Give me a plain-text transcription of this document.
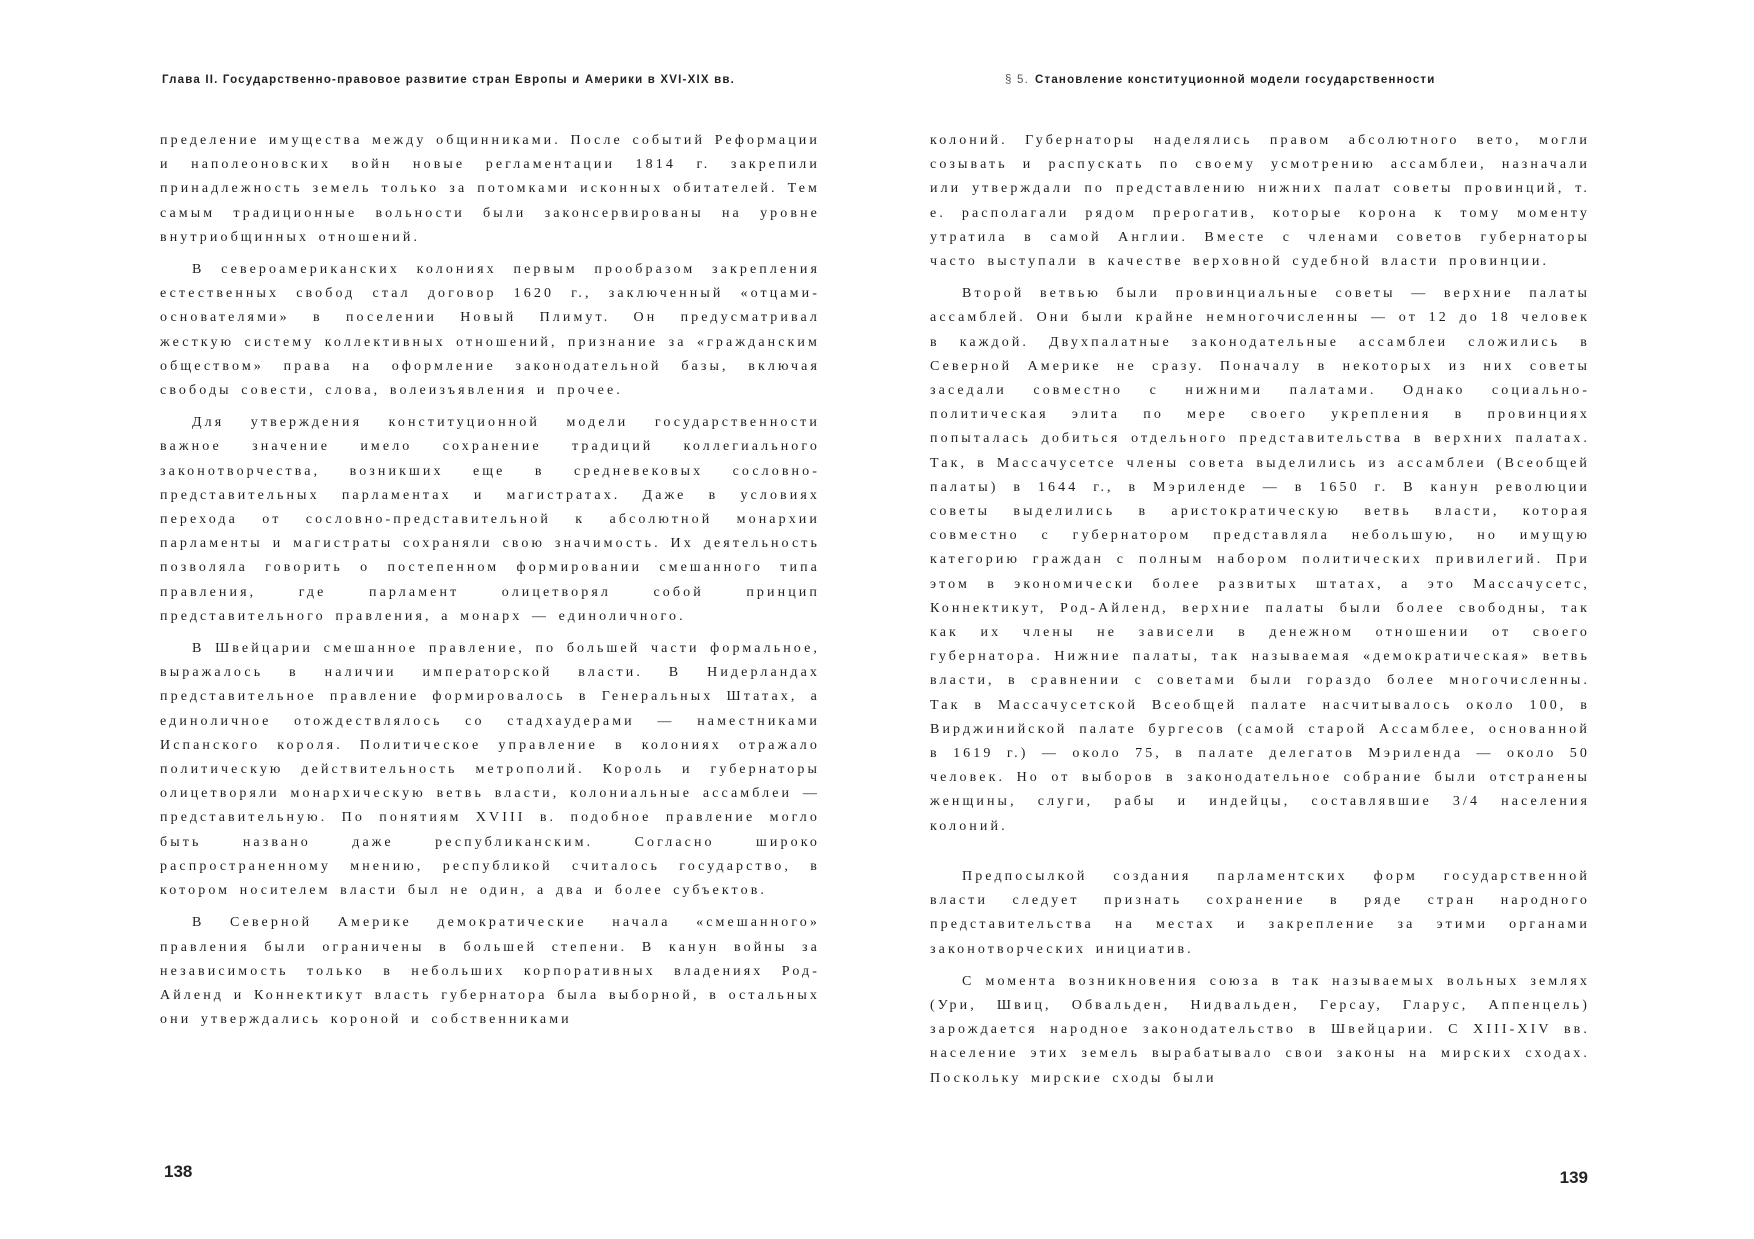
Глава II. Государственно-правовое развитие стран Европы и Америки в XVI-XIX вв.

пределение имущества между общинниками. После событий Реформации и наполеоновских войн новые регламентации 1814 г. закрепили принадлежность земель только за потомками исконных обитателей. Тем самым традиционные вольности были законсервированы на уровне внутриобщинных отношений.

В североамериканских колониях первым прообразом закрепления естественных свобод стал договор 1620 г., заключенный «отцами-основателями» в поселении Новый Плимут. Он предусматривал жесткую систему коллективных отношений, признание за «гражданским обществом» права на оформление законодательной базы, включая свободы совести, слова, волеизъявления и прочее.

Для утверждения конституционной модели государственности важное значение имело сохранение традиций коллегиального законотворчества, возникших еще в средневековых сословно-представительных парламентах и магистратах. Даже в условиях перехода от сословно-представительной к абсолютной монархии парламенты и магистраты сохраняли свою значимость. Их деятельность позволяла говорить о постепенном формировании смешанного типа правления, где парламент олицетворял собой принцип представительного правления, а монарх — единоличного.

В Швейцарии смешанное правление, по большей части формальное, выражалось в наличии императорской власти. В Нидерландах представительное правление формировалось в Генеральных Штатах, а единоличное отождествлялось со стадхаудерами — наместниками Испанского короля. Политическое управление в колониях отражало политическую действительность метрополий. Король и губернаторы олицетворяли монархическую ветвь власти, колониальные ассамблеи — представительную. По понятиям XVIII в. подобное правление могло быть названо даже республиканским. Согласно широко распространенному мнению, республикой считалось государство, в котором носителем власти был не один, а два и более субъектов.

В Северной Америке демократические начала «смешанного» правления были ограничены в большей степени. В канун войны за независимость только в небольших корпоративных владениях Род-Айленд и Коннектикут власть губернатора была выборной, в остальных они утверждались короной и собственниками

138
§ 5. Становление конституционной модели государственности

колоний. Губернаторы наделялись правом абсолютного вето, могли созывать и распускать по своему усмотрению ассамблеи, назначали или утверждали по представлению нижних палат советы провинций, т. е. располагали рядом прерогатив, которые корона к тому моменту утратила в самой Англии. Вместе с членами советов губернаторы часто выступали в качестве верховной судебной власти провинции.

Второй ветвью были провинциальные советы — верхние палаты ассамблей. Они были крайне немногочисленны — от 12 до 18 человек в каждой. Двухпалатные законодательные ассамблеи сложились в Северной Америке не сразу. Поначалу в некоторых из них советы заседали совместно с нижними палатами. Однако социально-политическая элита по мере своего укрепления в провинциях попыталась добиться отдельного представительства в верхних палатах. Так, в Массачусетсе члены совета выделились из ассамблеи (Всеобщей палаты) в 1644 г., в Мэриленде — в 1650 г. В канун революции советы выделились в аристократическую ветвь власти, которая совместно с губернатором представляла небольшую, но имущую категорию граждан с полным набором политических привилегий. При этом в экономически более развитых штатах, а это Массачусетс, Коннектикут, Род-Айленд, верхние палаты были более свободны, так как их члены не зависели в денежном отношении от своего губернатора. Нижние палаты, так называемая «демократическая» ветвь власти, в сравнении с советами были гораздо более многочисленны. Так в Массачусетской Всеобщей палате насчитывалось около 100, в Вирджинийской палате бургесов (самой старой Ассамблее, основанной в 1619 г.) — около 75, в палате делегатов Мэриленда — около 50 человек. Но от выборов в законодательное собрание были отстранены женщины, слуги, рабы и индейцы, составлявшие 3/4 населения колоний.

Предпосылкой создания парламентских форм государственной власти следует признать сохранение в ряде стран народного представительства на местах и закрепление за этими органами законотворческих инициатив.

С момента возникновения союза в так называемых вольных землях (Ури, Швиц, Обвальден, Нидвальден, Герсау, Гларус, Аппенцель) зарождается народное законодательство в Швейцарии. С XIII-XIV вв. население этих земель вырабатывало свои законы на мирских сходах. Поскольку мирские сходы были

139
